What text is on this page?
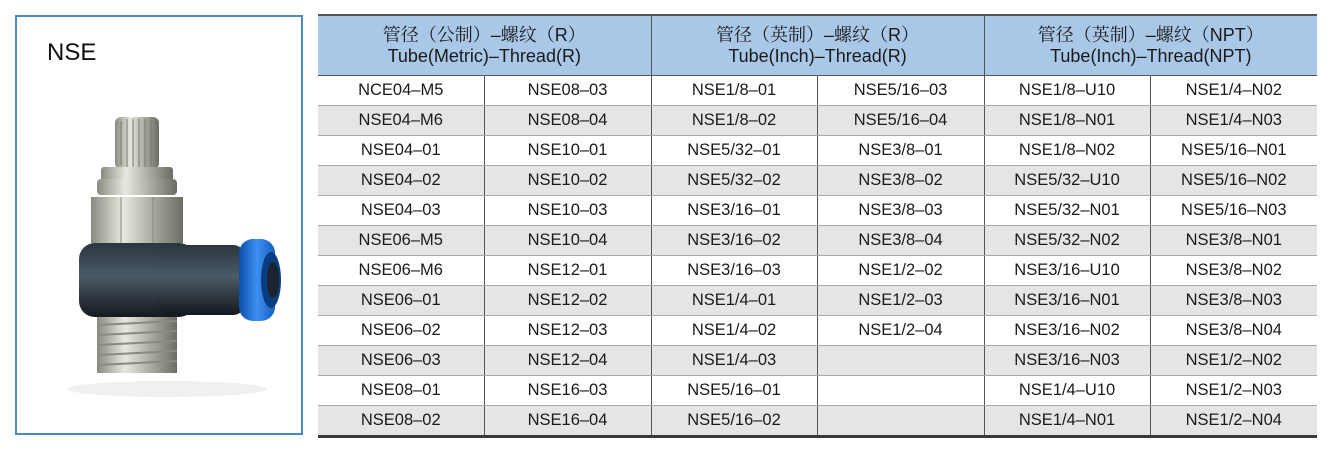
NSE
管径（公制）–螺纹（R）
Tube(Metric)–Thread(R)		管径（英制）–螺纹（R）
Tube(Inch)–Thread(R)		管径（英制）–螺纹（NPT）
Tube(Inch)–Thread(NPT)	

NCE04–M5	NSE08–03	NSE1/8–01	NSE5/16–03	NSE1/8–U10	NSE1/4–N02
NSE04–M6	NSE08–04	NSE1/8–02	NSE5/16–04	NSE1/8–N01	NSE1/4–N03
NSE04–01	NSE10–01	NSE5/32–01	NSE3/8–01	NSE1/8–N02	NSE5/16–N01
NSE04–02	NSE10–02	NSE5/32–02	NSE3/8–02	NSE5/32–U10	NSE5/16–N02
NSE04–03	NSE10–03	NSE3/16–01	NSE3/8–03	NSE5/32–N01	NSE5/16–N03
NSE06–M5	NSE10–04	NSE3/16–02	NSE3/8–04	NSE5/32–N02	NSE3/8–N01
NSE06–M6	NSE12–01	NSE3/16–03	NSE1/2–02	NSE3/16–U10	NSE3/8–N02
NSE06–01	NSE12–02	NSE1/4–01	NSE1/2–03	NSE3/16–N01	NSE3/8–N03
NSE06–02	NSE12–03	NSE1/4–02	NSE1/2–04	NSE3/16–N02	NSE3/8–N04
NSE06–03	NSE12–04	NSE1/4–03		NSE3/16–N03	NSE1/2–N02
NSE08–01	NSE16–03	NSE5/16–01		NSE1/4–U10	NSE1/2–N03
NSE08–02	NSE16–04	NSE5/16–02		NSE1/4–N01	NSE1/2–N04
